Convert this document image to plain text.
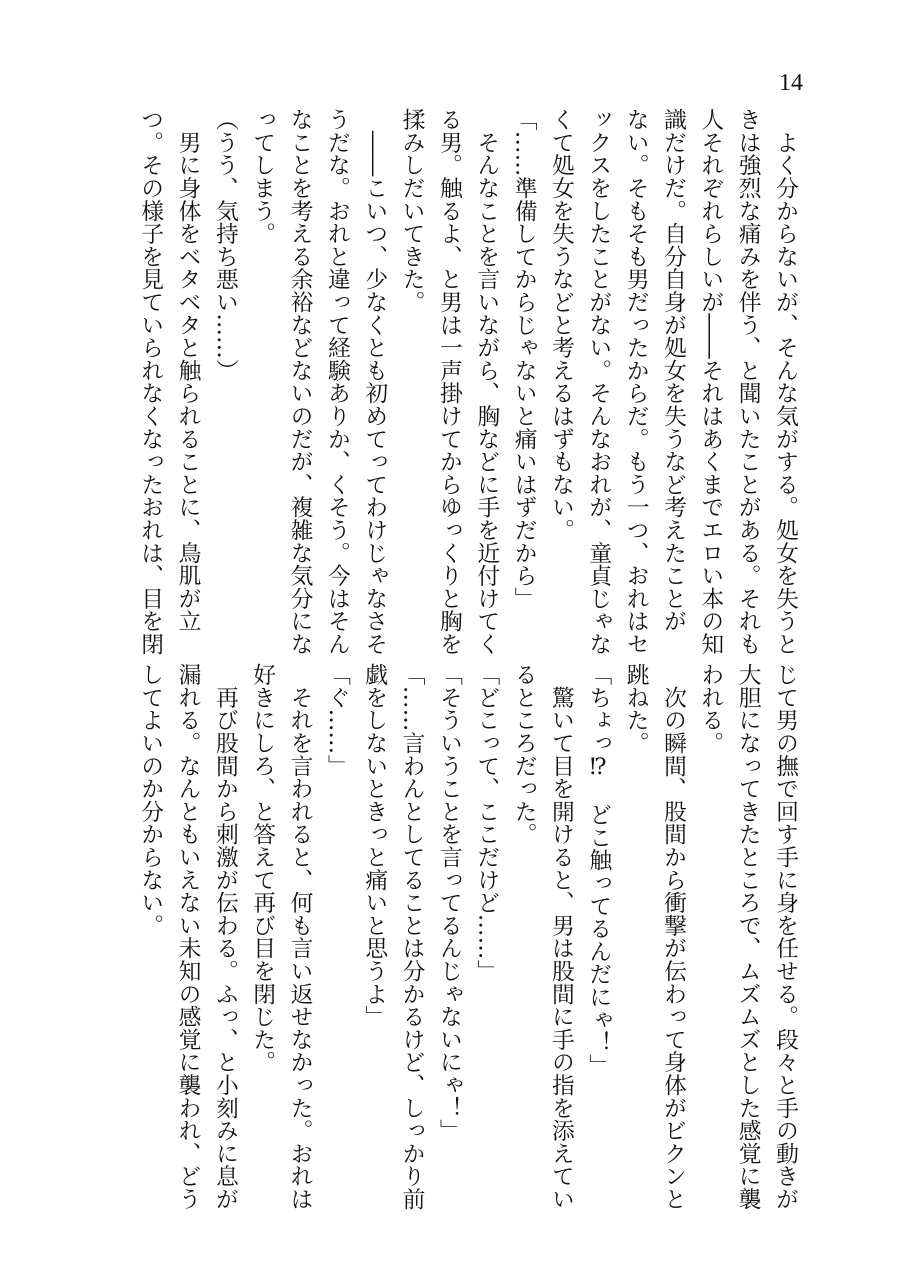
14
　よく分からないが、そんな気がする。処女を失うと
きは強烈な痛みを伴う、と聞いたことがある。それも
人それぞれらしいが――それはあくまでエロい本の知
識だけだ。自分自身が処女を失うなど考えたことが
ない。そもそも男だったからだ。もう一つ、おれはセ
ックスをしたことがない。そんなおれが、童貞じゃな
くて処女を失うなどと考えるはずもない。
「……準備してからじゃないと痛いはずだから」
　そんなことを言いながら、胸などに手を近付けてく
る男。触るよ、と男は一声掛けてからゆっくりと胸を
揉みしだいてきた。
　――こいつ、少なくとも初めてってわけじゃなさそ
うだな。おれと違って経験ありか、くそう。今はそん
なことを考える余裕などないのだが、複雑な気分にな
ってしまう。
（うう、気持ち悪い……）
　男に身体をベタベタと触られることに、鳥肌が立
つ。その様子を見ていられなくなったおれは、目を閉
じて男の撫で回す手に身を任せる。段々と手の動きが
大胆になってきたところで、ムズムズとした感覚に襲
われる。
　次の瞬間、股間から衝撃が伝わって身体がビクンと
跳ねた。
「ちょっ⁉　どこ触ってるんだにゃ！」
　驚いて目を開けると、男は股間に手の指を添えてい
るところだった。
「どこって、ここだけど……」
「そういうことを言ってるんじゃないにゃ！」
「……言わんとしてることは分かるけど、しっかり前
戯をしないときっと痛いと思うよ」
「ぐ……」
　それを言われると、何も言い返せなかった。おれは
好きにしろ、と答えて再び目を閉じた。
　再び股間から刺激が伝わる。ふっ、と小刻みに息が
漏れる。なんともいえない未知の感覚に襲われ、どう
してよいのか分からない。
